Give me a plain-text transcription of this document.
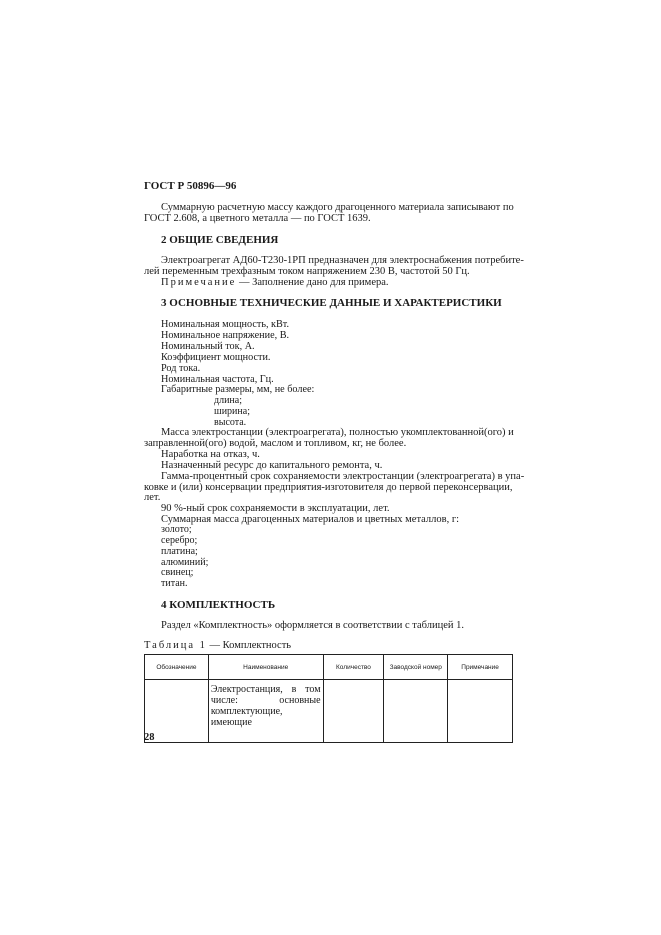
ГОСТ Р 50896—96
Суммарную расчетную массу каждого драгоценного материала записывают по
ГОСТ 2.608, а цветного металла — по ГОСТ 1639.
2 ОБЩИЕ СВЕДЕНИЯ
Электроагрегат АД60-Т230-1РП предназначен для электроснабжения потребите-
лей переменным трехфазным током напряжением 230 В, частотой 50 Гц.
Примечание — Заполнение дано для примера.
3 ОСНОВНЫЕ ТЕХНИЧЕСКИЕ ДАННЫЕ И ХАРАКТЕРИСТИКИ
Номинальная мощность, кВт.
Номинальное напряжение, В.
Номинальный ток, А.
Коэффициент мощности.
Род тока.
Номинальная частота, Гц.
Габаритные размеры, мм, не более:
длина;
ширина;
высота.
Масса электростанции (электроагрегата), полностью укомплектованной(ого) и
заправленной(ого) водой, маслом и топливом, кг, не более.
Наработка на отказ, ч.
Назначенный ресурс до капитального ремонта, ч.
Гамма-процентный срок сохраняемости электростанции (электроагрегата) в упа-
ковке и (или) консервации предприятия-изготовителя до первой переконсервации,
лет.
90 %-ный срок сохраняемости в эксплуатации, лет.
Суммарная масса драгоценных материалов и цветных металлов, г:
золото;
серебро;
платина;
алюминий;
свинец;
титан.
4 КОМПЛЕКТНОСТЬ
Раздел «Комплектность» оформляется в соответствии с таблицей 1.
Таблица 1 — Комплектность
Обозначение	Наименование	Количество	Заводской номер	Примечание

	Электростанция, в том числе: основные комплектующие, имеющие			

28
